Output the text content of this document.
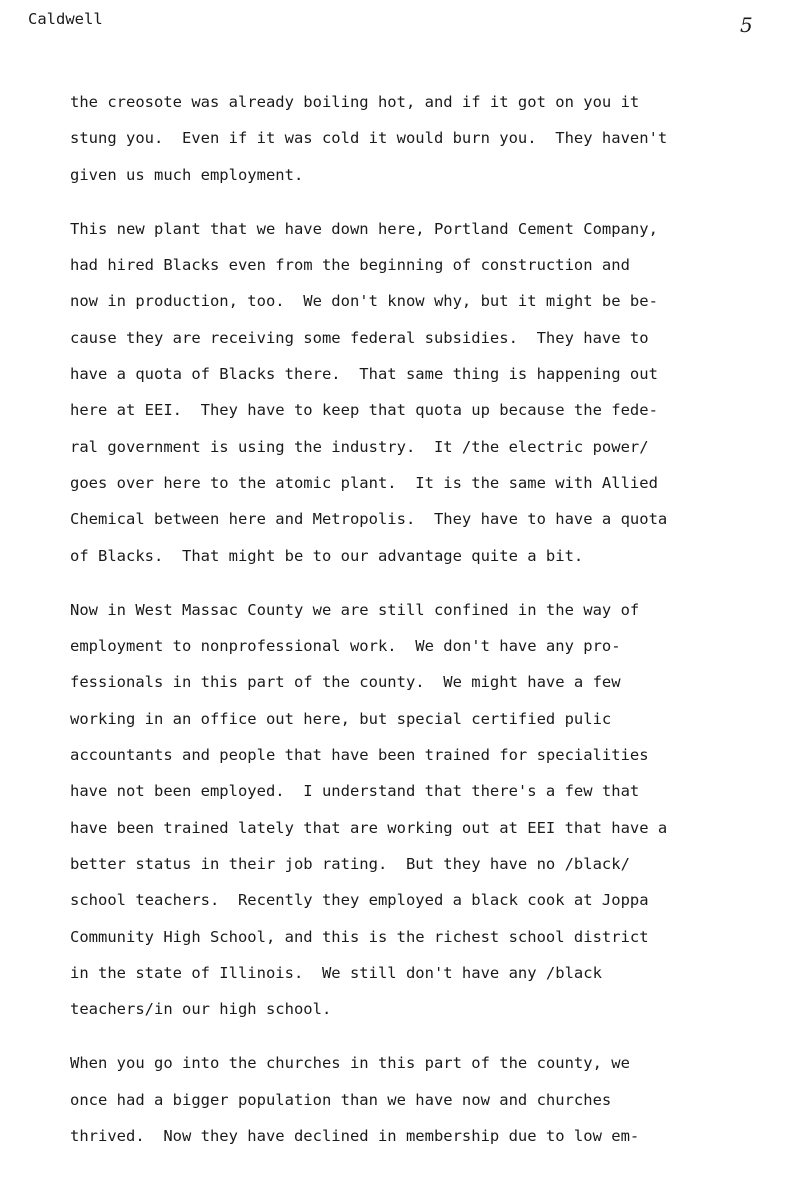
Caldwell	5
the creosote was already boiling hot, and if it got on you it
stung you.  Even if it was cold it would burn you.  They haven't
given us much employment.
This new plant that we have down here, Portland Cement Company,
had hired Blacks even from the beginning of construction and
now in production, too.  We don't know why, but it might be be-
cause they are receiving some federal subsidies.  They have to
have a quota of Blacks there.  That same thing is happening out
here at EEI.  They have to keep that quota up because the fede-
ral government is using the industry.  It /the electric power/
goes over here to the atomic plant.  It is the same with Allied
Chemical between here and Metropolis.  They have to have a quota
of Blacks.  That might be to our advantage quite a bit.
Now in West Massac County we are still confined in the way of
employment to nonprofessional work.  We don't have any pro-
fessionals in this part of the county.  We might have a few
working in an office out here, but special certified pulic
accountants and people that have been trained for specialities
have not been employed.  I understand that there's a few that
have been trained lately that are working out at EEI that have a
better status in their job rating.  But they have no /black/
school teachers.  Recently they employed a black cook at Joppa
Community High School, and this is the richest school district
in the state of Illinois.  We still don't have any /black
teachers/in our high school.
When you go into the churches in this part of the county, we
once had a bigger population than we have now and churches
thrived.  Now they have declined in membership due to low em-
